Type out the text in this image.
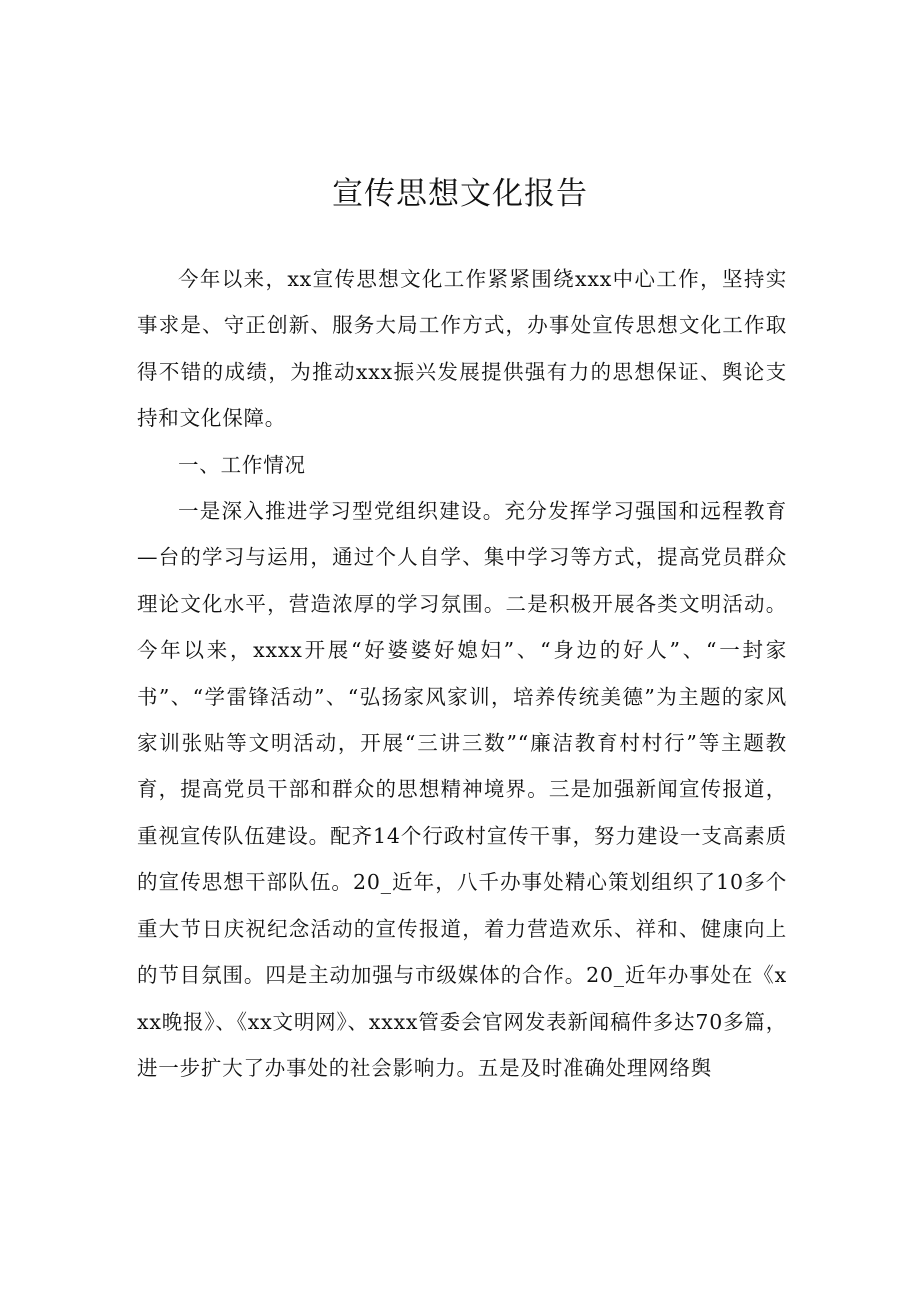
宣传思想文化报告

今年以来，xx宣传思想文化工作紧紧围绕xxx中心工作，坚持实事求是、守正创新、服务大局工作方式，办事处宣传思想文化工作取得不错的成绩，为推动xxx振兴发展提供强有力的思想保证、舆论支持和文化保障。

一、工作情况

一是深入推进学习型党组织建设。充分发挥学习强国和远程教育—台的学习与运用，通过个人自学、集中学习等方式，提高党员群众理论文化水平，营造浓厚的学习氛围。二是积极开展各类文明活动。今年以来，xxxx开展“好婆婆好媳妇”、“身边的好人”、“一封家书”、“学雷锋活动”、“弘扬家风家训，培养传统美德”为主题的家风家训张贴等文明活动，开展“三讲三数”“廉洁教育村村行”等主题教育，提高党员干部和群众的思想精神境界。三是加强新闻宣传报道，重视宣传队伍建设。配齐14个行政村宣传干事，努力建设一支高素质的宣传思想干部队伍。20_近年，八千办事处精心策划组织了10多个重大节日庆祝纪念活动的宣传报道，着力营造欢乐、祥和、健康向上的节目氛围。四是主动加强与市级媒体的合作。20_近年办事处在《xxx晚报》、《xx文明网》、xxxx管委会官网发表新闻稿件多达70多篇，进一步扩大了办事处的社会影响力。五是及时准确处理网络舆
